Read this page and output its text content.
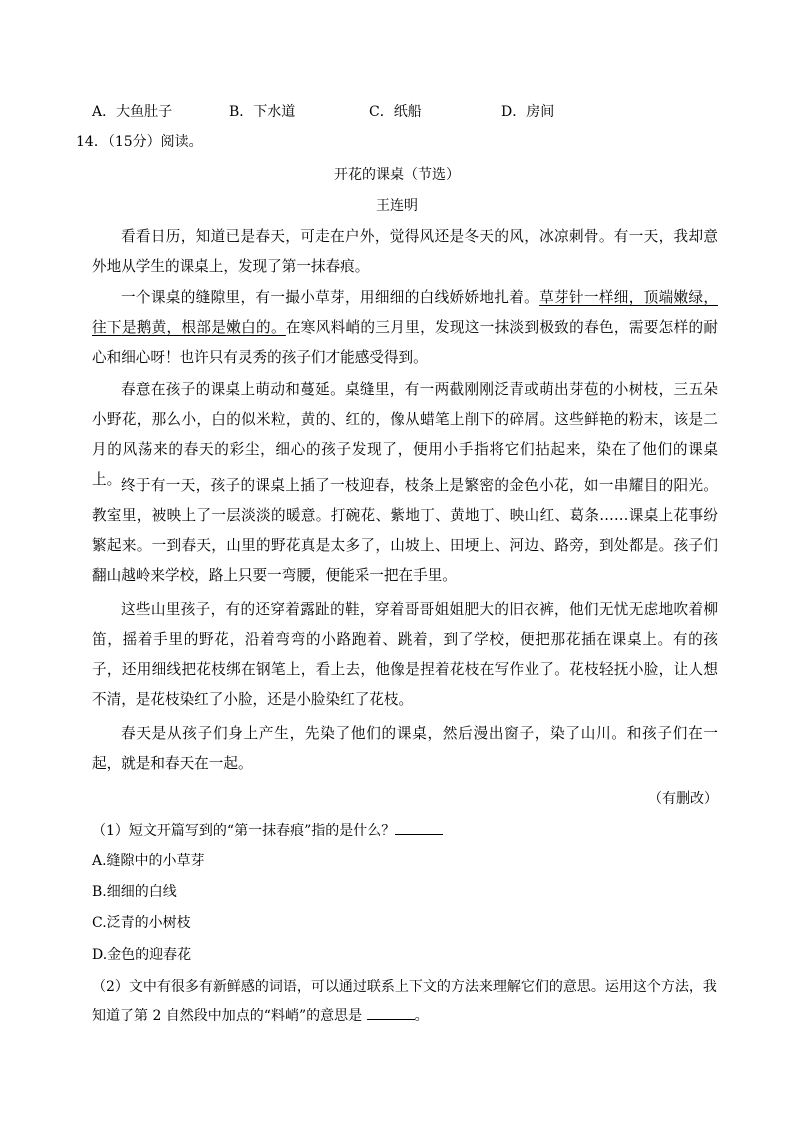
A．大鱼肚子	B．下水道	C．纸船	D．房间
14．（15分）阅读。
开花的课桌（节选）
王连明
看看日历，知道已是春天，可走在户外，觉得风还是冬天的风，冰凉刺骨。有一天，我却意外地从学生的课桌上，发现了第一抹春痕。
一个课桌的缝隙里，有一撮小草芽，用细细的白线娇娇地扎着。草芽针一样细，顶端嫩绿，往下是鹅黄，根部是嫩白的。在寒风料峭的三月里，发现这一抹淡到极致的春色，需要怎样的耐心和细心呀！也许只有灵秀的孩子们才能感受得到。
春意在孩子的课桌上萌动和蔓延。桌缝里，有一两截刚刚泛青或萌出芽苞的小树枝，三五朵小野花，那么小，白的似米粒，黄的、红的，像从蜡笔上削下的碎屑。这些鲜艳的粉末，该是二月的风荡来的春天的彩尘，细心的孩子发现了，便用小手指将它们拈起来，染在了他们的课桌上。 终于有一天，孩子的课桌上插了一枝迎春，枝条上是繁密的金色小花，如一串耀目的阳光。教室里，被映上了一层淡淡的暖意。打碗花、紫地丁、黄地丁、映山红、葛条……课桌上花事纷繁起来。一到春天，山里的野花真是太多了，山坡上、田埂上、河边、路旁，到处都是。孩子们翻山越岭来学校，路上只要一弯腰，便能采一把在手里。
这些山里孩子，有的还穿着露趾的鞋，穿着哥哥姐姐肥大的旧衣裤，他们无忧无虑地吹着柳笛，摇着手里的野花，沿着弯弯的小路跑着、跳着，到了学校，便把那花插在课桌上。有的孩子，还用细线把花枝绑在钢笔上，看上去，他像是捏着花枝在写作业了。花枝轻抚小脸，让人想不清，是花枝染红了小脸，还是小脸染红了花枝。
春天是从孩子们身上产生，先染了他们的课桌，然后漫出窗子，染了山川。和孩子们在一起，就是和春天在一起。
（有删改）
（1）短文开篇写到的“第一抹春痕”指的是什么？
A.缝隙中的小草芽
B.细细的白线
C.泛青的小树枝
D.金色的迎春花
（2）文中有很多有新鲜感的词语，可以通过联系上下文的方法来理解它们的意思。运用这个方法，我
知道了第 2 自然段中加点的“料峭”的意思是	。
